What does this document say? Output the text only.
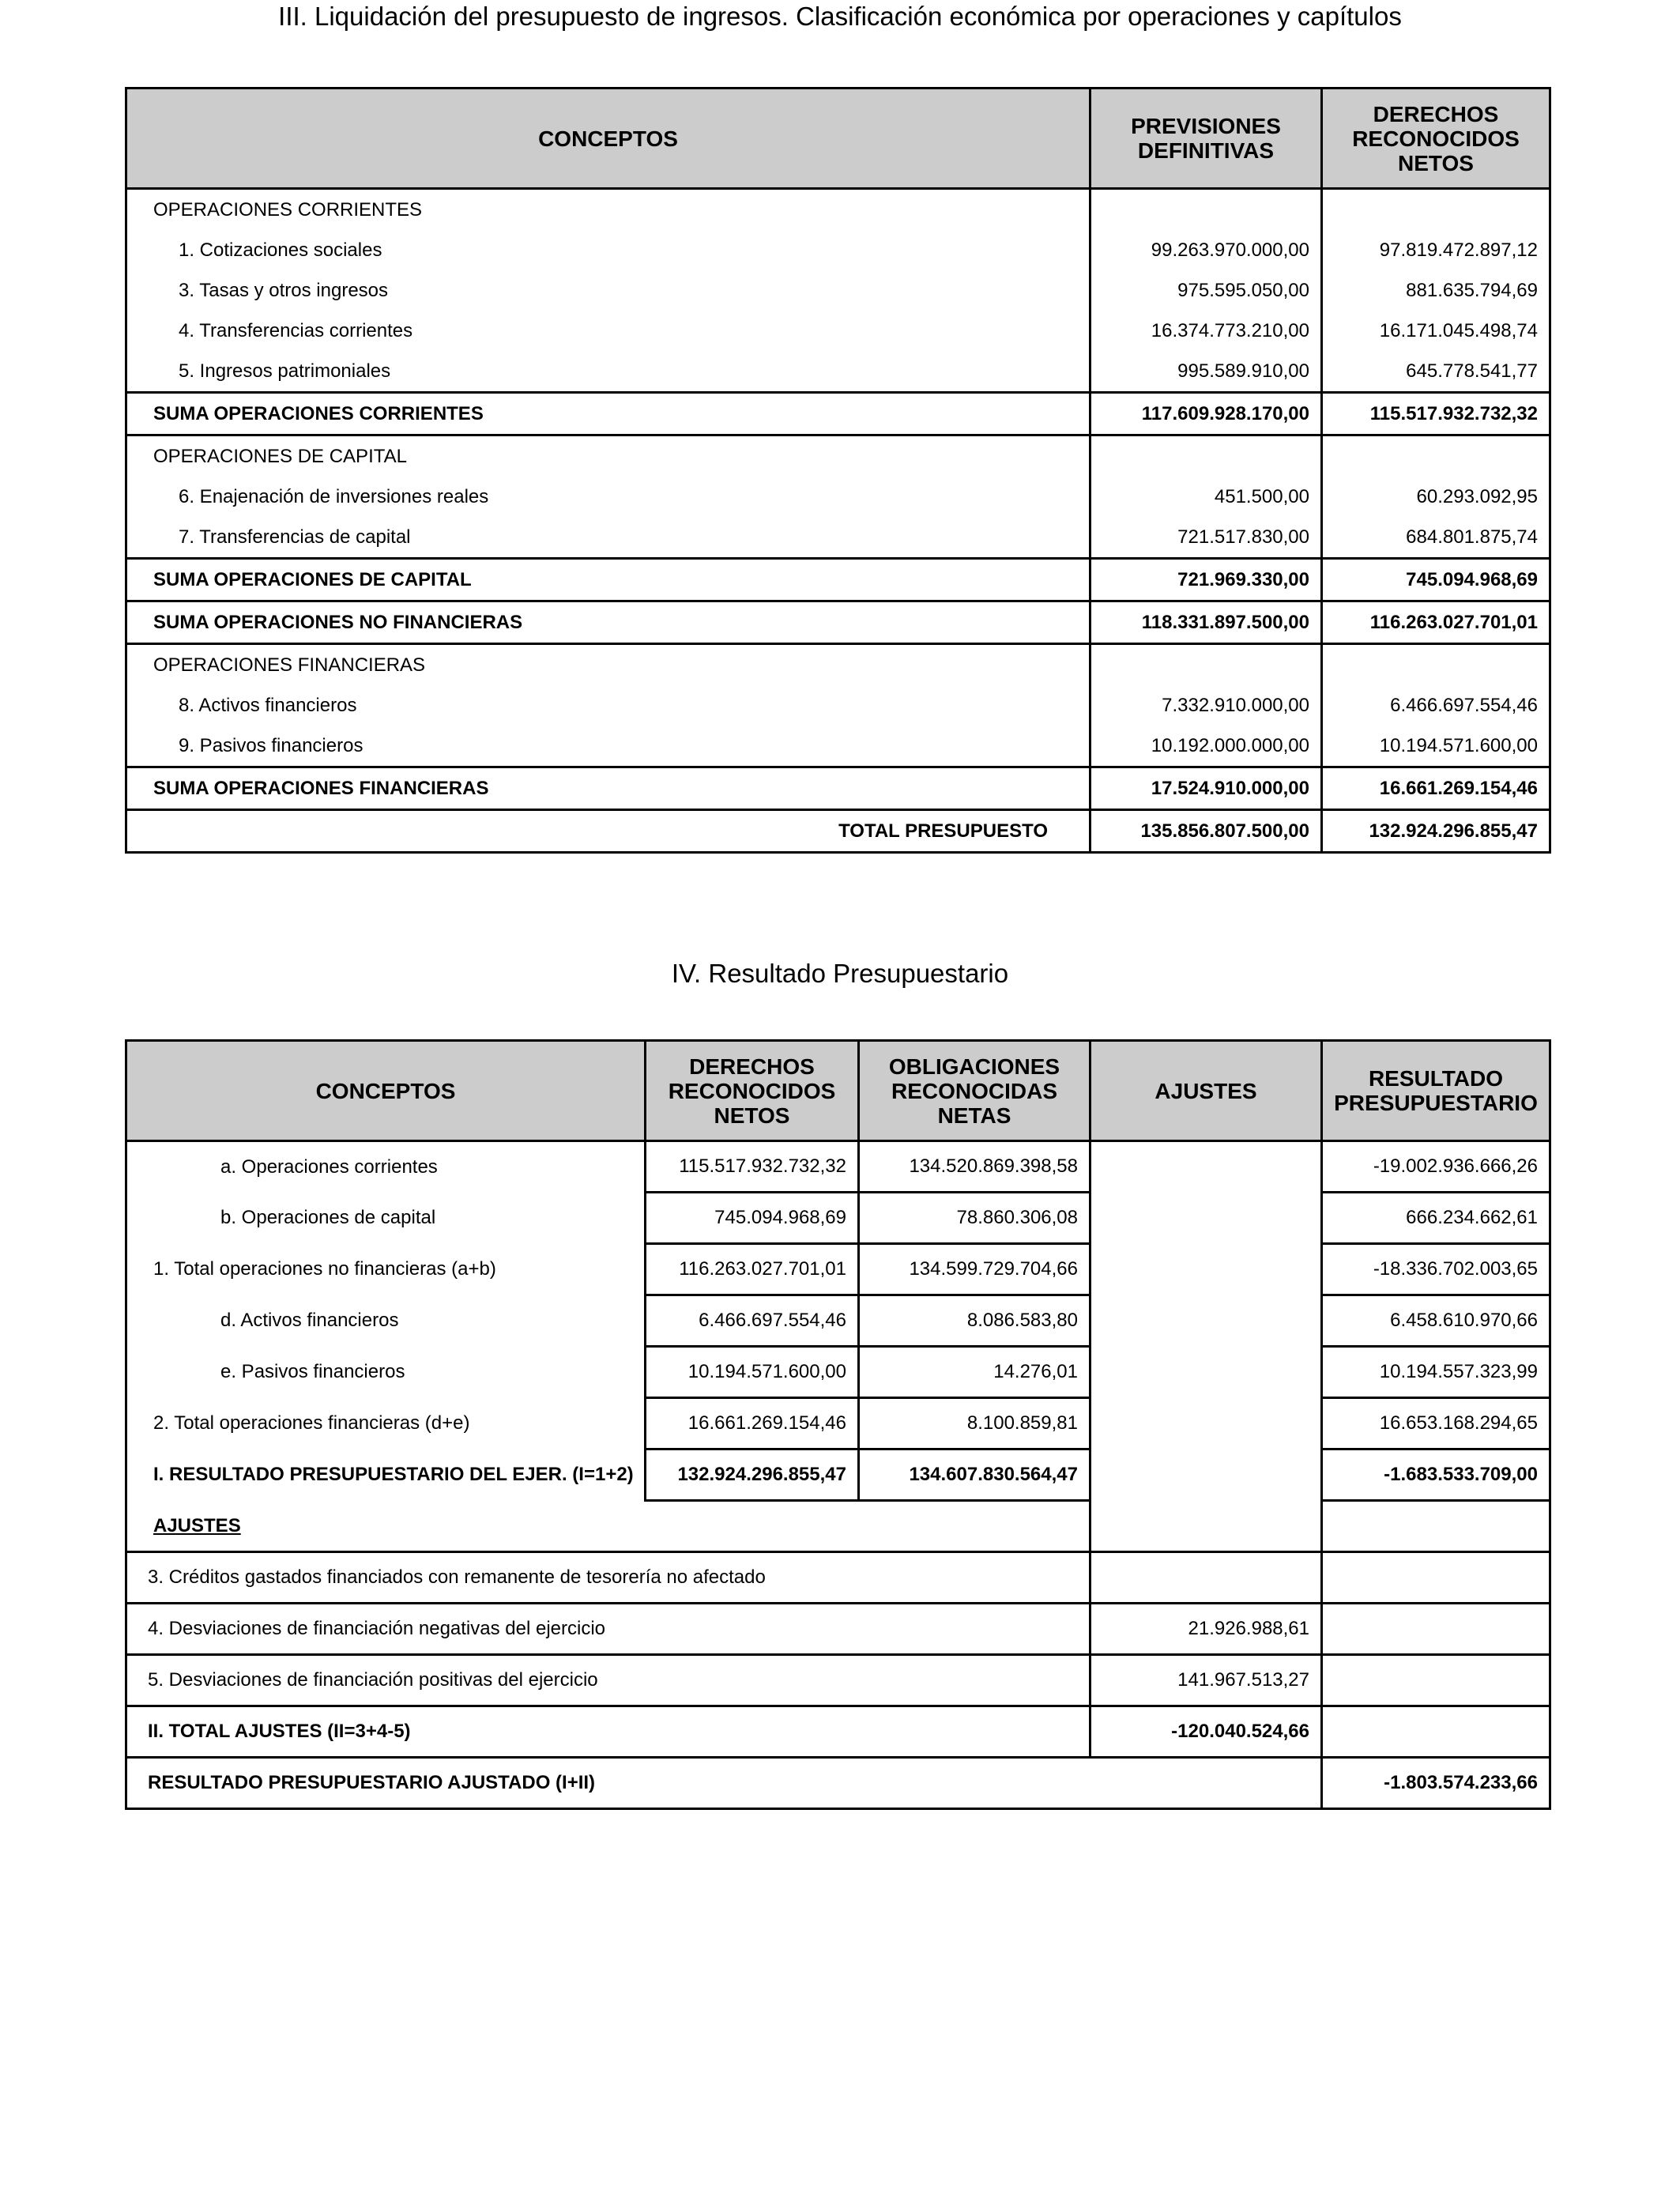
III. Liquidación del presupuesto de ingresos. Clasificación económica por operaciones y capítulos
CONCEPTOS	PREVISIONES DEFINITIVAS	DERECHOS RECONOCIDOS NETOS
OPERACIONES CORRIENTES		
1. Cotizaciones sociales	99.263.970.000,00	97.819.472.897,12
3. Tasas y otros ingresos	975.595.050,00	881.635.794,69
4. Transferencias corrientes	16.374.773.210,00	16.171.045.498,74
5. Ingresos patrimoniales	995.589.910,00	645.778.541,77
SUMA OPERACIONES CORRIENTES	117.609.928.170,00	115.517.932.732,32
OPERACIONES DE CAPITAL		
6. Enajenación de inversiones reales	451.500,00	60.293.092,95
7. Transferencias de capital	721.517.830,00	684.801.875,74
SUMA OPERACIONES DE CAPITAL	721.969.330,00	745.094.968,69
SUMA OPERACIONES NO FINANCIERAS	118.331.897.500,00	116.263.027.701,01
OPERACIONES FINANCIERAS		
8. Activos financieros	7.332.910.000,00	6.466.697.554,46
9. Pasivos financieros	10.192.000.000,00	10.194.571.600,00
SUMA OPERACIONES FINANCIERAS	17.524.910.000,00	16.661.269.154,46
TOTAL PRESUPUESTO	135.856.807.500,00	132.924.296.855,47
IV. Resultado Presupuestario
CONCEPTOS	DERECHOS RECONOCIDOS NETOS	OBLIGACIONES RECONOCIDAS NETAS	AJUSTES	RESULTADO PRESUPUESTARIO
a. Operaciones corrientes	115.517.932.732,32	134.520.869.398,58		-19.002.936.666,26
b. Operaciones de capital	745.094.968,69	78.860.306,08		666.234.662,61
1. Total operaciones no financieras (a+b)	116.263.027.701,01	134.599.729.704,66		-18.336.702.003,65
d. Activos financieros	6.466.697.554,46	8.086.583,80		6.458.610.970,66
e. Pasivos financieros	10.194.571.600,00	14.276,01		10.194.557.323,99
2. Total operaciones financieras (d+e)	16.661.269.154,46	8.100.859,81		16.653.168.294,65
I. RESULTADO PRESUPUESTARIO DEL EJER. (I=1+2)	132.924.296.855,47	134.607.830.564,47		-1.683.533.709,00
AJUSTES				
3. Créditos gastados financiados con remanente de tesorería no afectado				
4. Desviaciones de financiación negativas del ejercicio			21.926.988,61	
5. Desviaciones de financiación positivas del ejercicio			141.967.513,27	
II. TOTAL AJUSTES (II=3+4-5)			-120.040.524,66	
RESULTADO PRESUPUESTARIO AJUSTADO (I+II)				-1.803.574.233,66
